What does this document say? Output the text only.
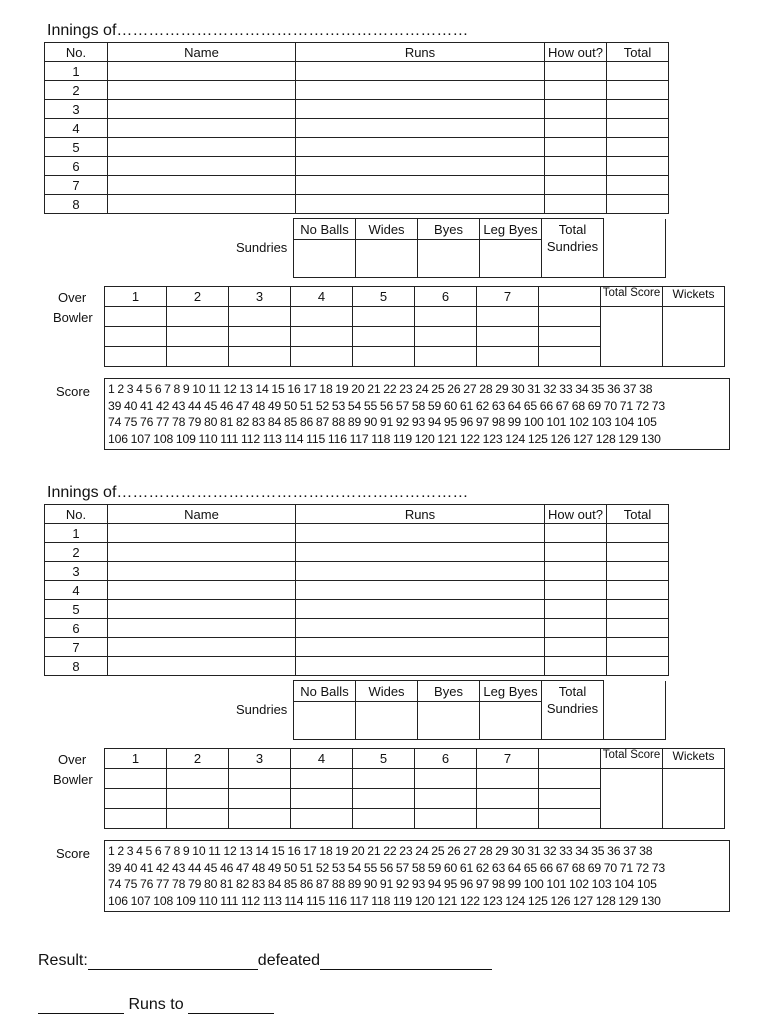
Innings of…………………………………………………………
No.	Name	Runs	How out?	Total
1				
2				
3				
4				
5				
6				
7				
8				
	No Balls	Wides	Byes	Leg Byes	Total Sundries	

Over
Bowler
Sundries
1	2	3	4	5	6	7		Total Score	Wickets

Score 1 2 3 4 5 6 7 8 9 10 11 12 13 14 15 16 17 18 19 20 21 22 23 24 25 26 27 28 29 30 31 32 33 34 35 36 37 38
39 40 41 42 43 44 45 46 47 48 49 50 51 52 53 54 55 56 57 58 59 60 61 62 63 64 65 66 67 68 69 70 71 72 73
74 75 76 77 78 79 80 81 82 83 84 85 86 87 88 89 90 91 92 93 94 95 96 97 98 99 100 101 102 103 104 105
106 107 108 109 110 111 112 113 114 115 116 117 118 119 120 121 122 123 124 125 126 127 128 129 130
Innings of…………………………………………………………
No.	Name	Runs	How out?	Total
1				
2				
3				
4				
5				
6				
7				
8				
	No Balls	Wides	Byes	Leg Byes	Total Sundries	

Over
Bowler
Sundries
1	2	3	4	5	6	7		Total Score	Wickets

Score 1 2 3 4 5 6 7 8 9 10 11 12 13 14 15 16 17 18 19 20 21 22 23 24 25 26 27 28 29 30 31 32 33 34 35 36 37 38
39 40 41 42 43 44 45 46 47 48 49 50 51 52 53 54 55 56 57 58 59 60 61 62 63 64 65 66 67 68 69 70 71 72 73
74 75 76 77 78 79 80 81 82 83 84 85 86 87 88 89 90 91 92 93 94 95 96 97 98 99 100 101 102 103 104 105
106 107 108 109 110 111 112 113 114 115 116 117 118 119 120 121 122 123 124 125 126 127 128 129 130
Result:	defeated
Runs to
